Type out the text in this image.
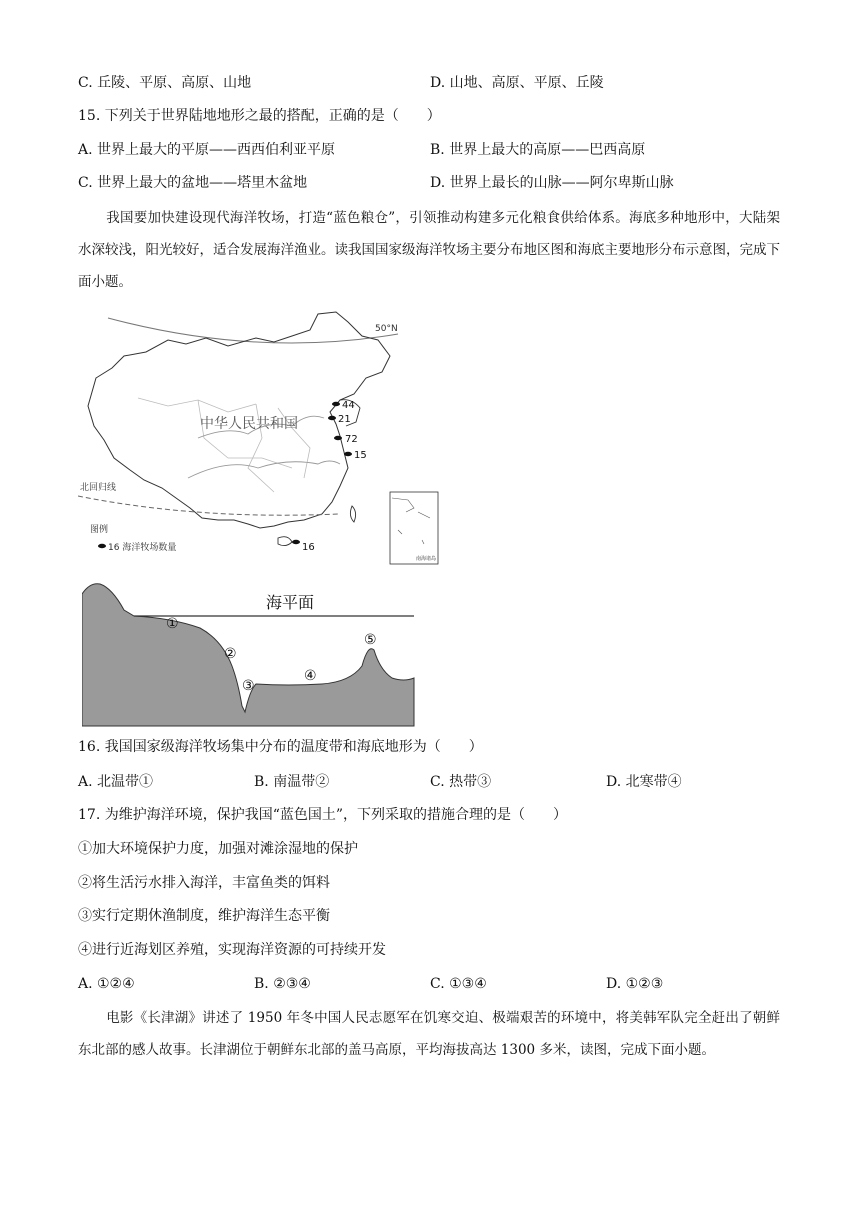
C. 丘陵、平原、高原、山地	D. 山地、高原、平原、丘陵
15. 下列关于世界陆地地形之最的搭配，正确的是（　　）
A. 世界上最大的平原——西西伯利亚平原	B. 世界上最大的高原——巴西高原
C. 世界上最大的盆地——塔里木盆地	D. 世界上最长的山脉——阿尔卑斯山脉
我国要加快建设现代海洋牧场，打造“蓝色粮仓”，引领推动构建多元化粮食供给体系。海底多种地形中，大陆架水深较浅，阳光较好，适合发展海洋渔业。读我国国家级海洋牧场主要分布地区图和海底主要地形分布示意图，完成下面小题。
50°N
北回归线
中华人民共和国
44
21
72
15
16
图例
16 海洋牧场数量
南海诸岛
海平面
①
②
③
④
⑤
16. 我国国家级海洋牧场集中分布的温度带和海底地形为（　　）
A. 北温带①	B. 南温带②	C. 热带③	D. 北寒带④
17. 为维护海洋环境，保护我国“蓝色国土”，下列采取的措施合理的是（　　）
①加大环境保护力度，加强对滩涂湿地的保护
②将生活污水排入海洋，丰富鱼类的饵料
③实行定期休渔制度，维护海洋生态平衡
④进行近海划区养殖，实现海洋资源的可持续开发
A. ①②④	B. ②③④	C. ①③④	D. ①②③
电影《长津湖》讲述了 1950 年冬中国人民志愿军在饥寒交迫、极端艰苦的环境中，将美韩军队完全赶出了朝鲜东北部的感人故事。长津湖位于朝鲜东北部的盖马高原，平均海拔高达 1300 多米，读图，完成下面小题。
